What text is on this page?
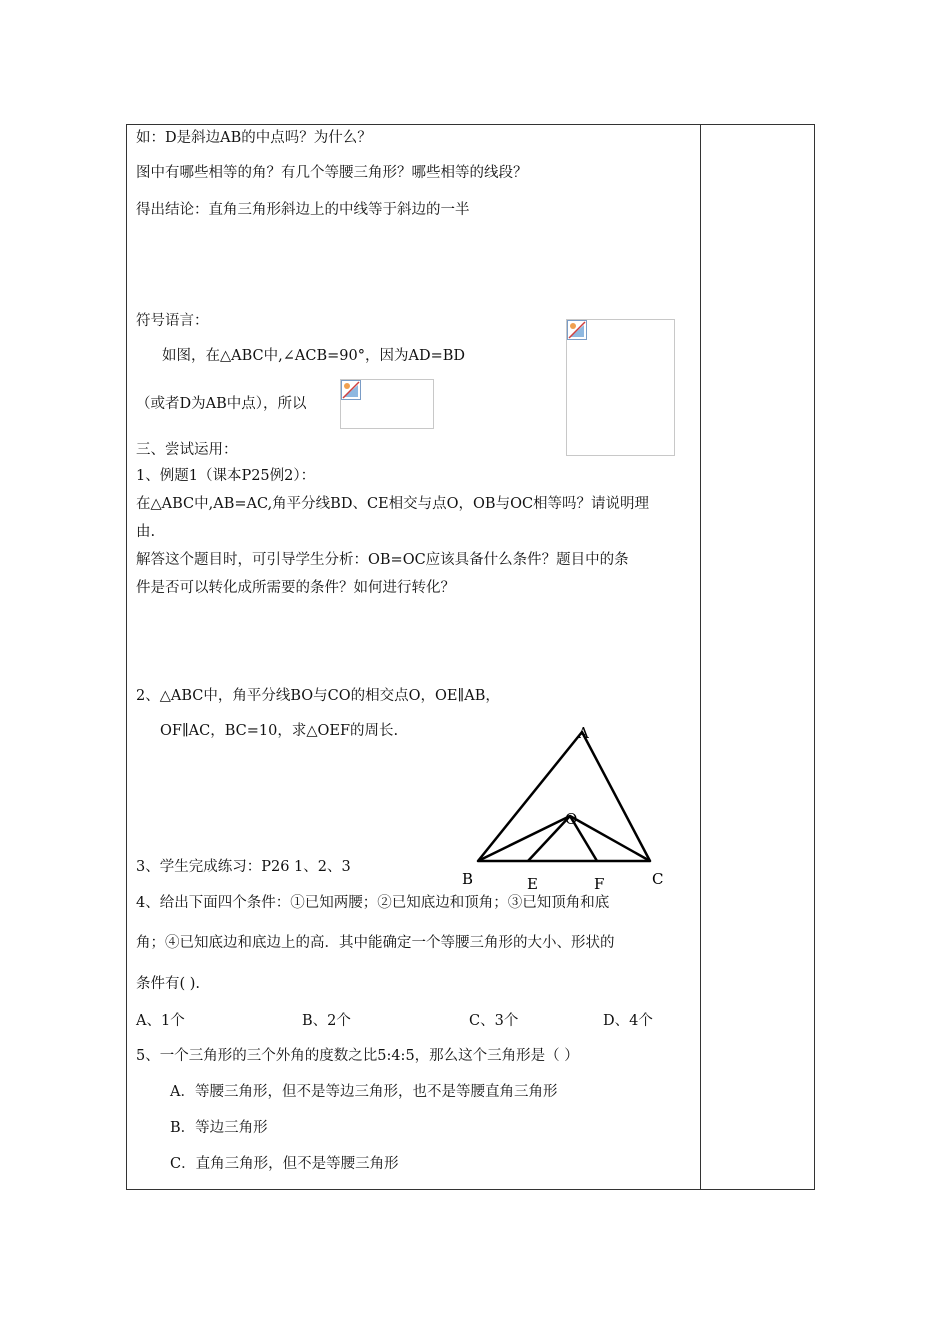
如：D是斜边AB的中点吗？为什么？
图中有哪些相等的角？有几个等腰三角形？哪些相等的线段？
得出结论：直角三角形斜边上的中线等于斜边的一半
符号语言：
如图，在△ABC中,∠ACB=90°，因为AD=BD
（或者D为AB中点），所以
三、尝试运用：
1、例题1（课本P25例2）：
在△ABC中,AB=AC,角平分线BD、CE相交与点O，OB与OC相等吗？请说明理
由.
解答这个题目时，可引导学生分析：OB=OC应该具备什么条件？题目中的条
件是否可以转化成所需要的条件？如何进行转化？
2、△ABC中，角平分线BO与CO的相交点O，OE∥AB，
OF∥AC，BC=10，求△OEF的周长.
3、学生完成练习：P26 1、2、3
4、给出下面四个条件：①已知两腰；②已知底边和顶角；③已知顶角和底
角；④已知底边和底边上的高．其中能确定一个等腰三角形的大小、形状的
条件有( ).
A、1个	B、2个	C、3个	D、4个
5、一个三角形的三个外角的度数之比5:4:5，那么这个三角形是（ ）
A．等腰三角形，但不是等边三角形，也不是等腰直角三角形
B．等边三角形
C．直角三角形，但不是等腰三角形
A
O
B	E	F	C
